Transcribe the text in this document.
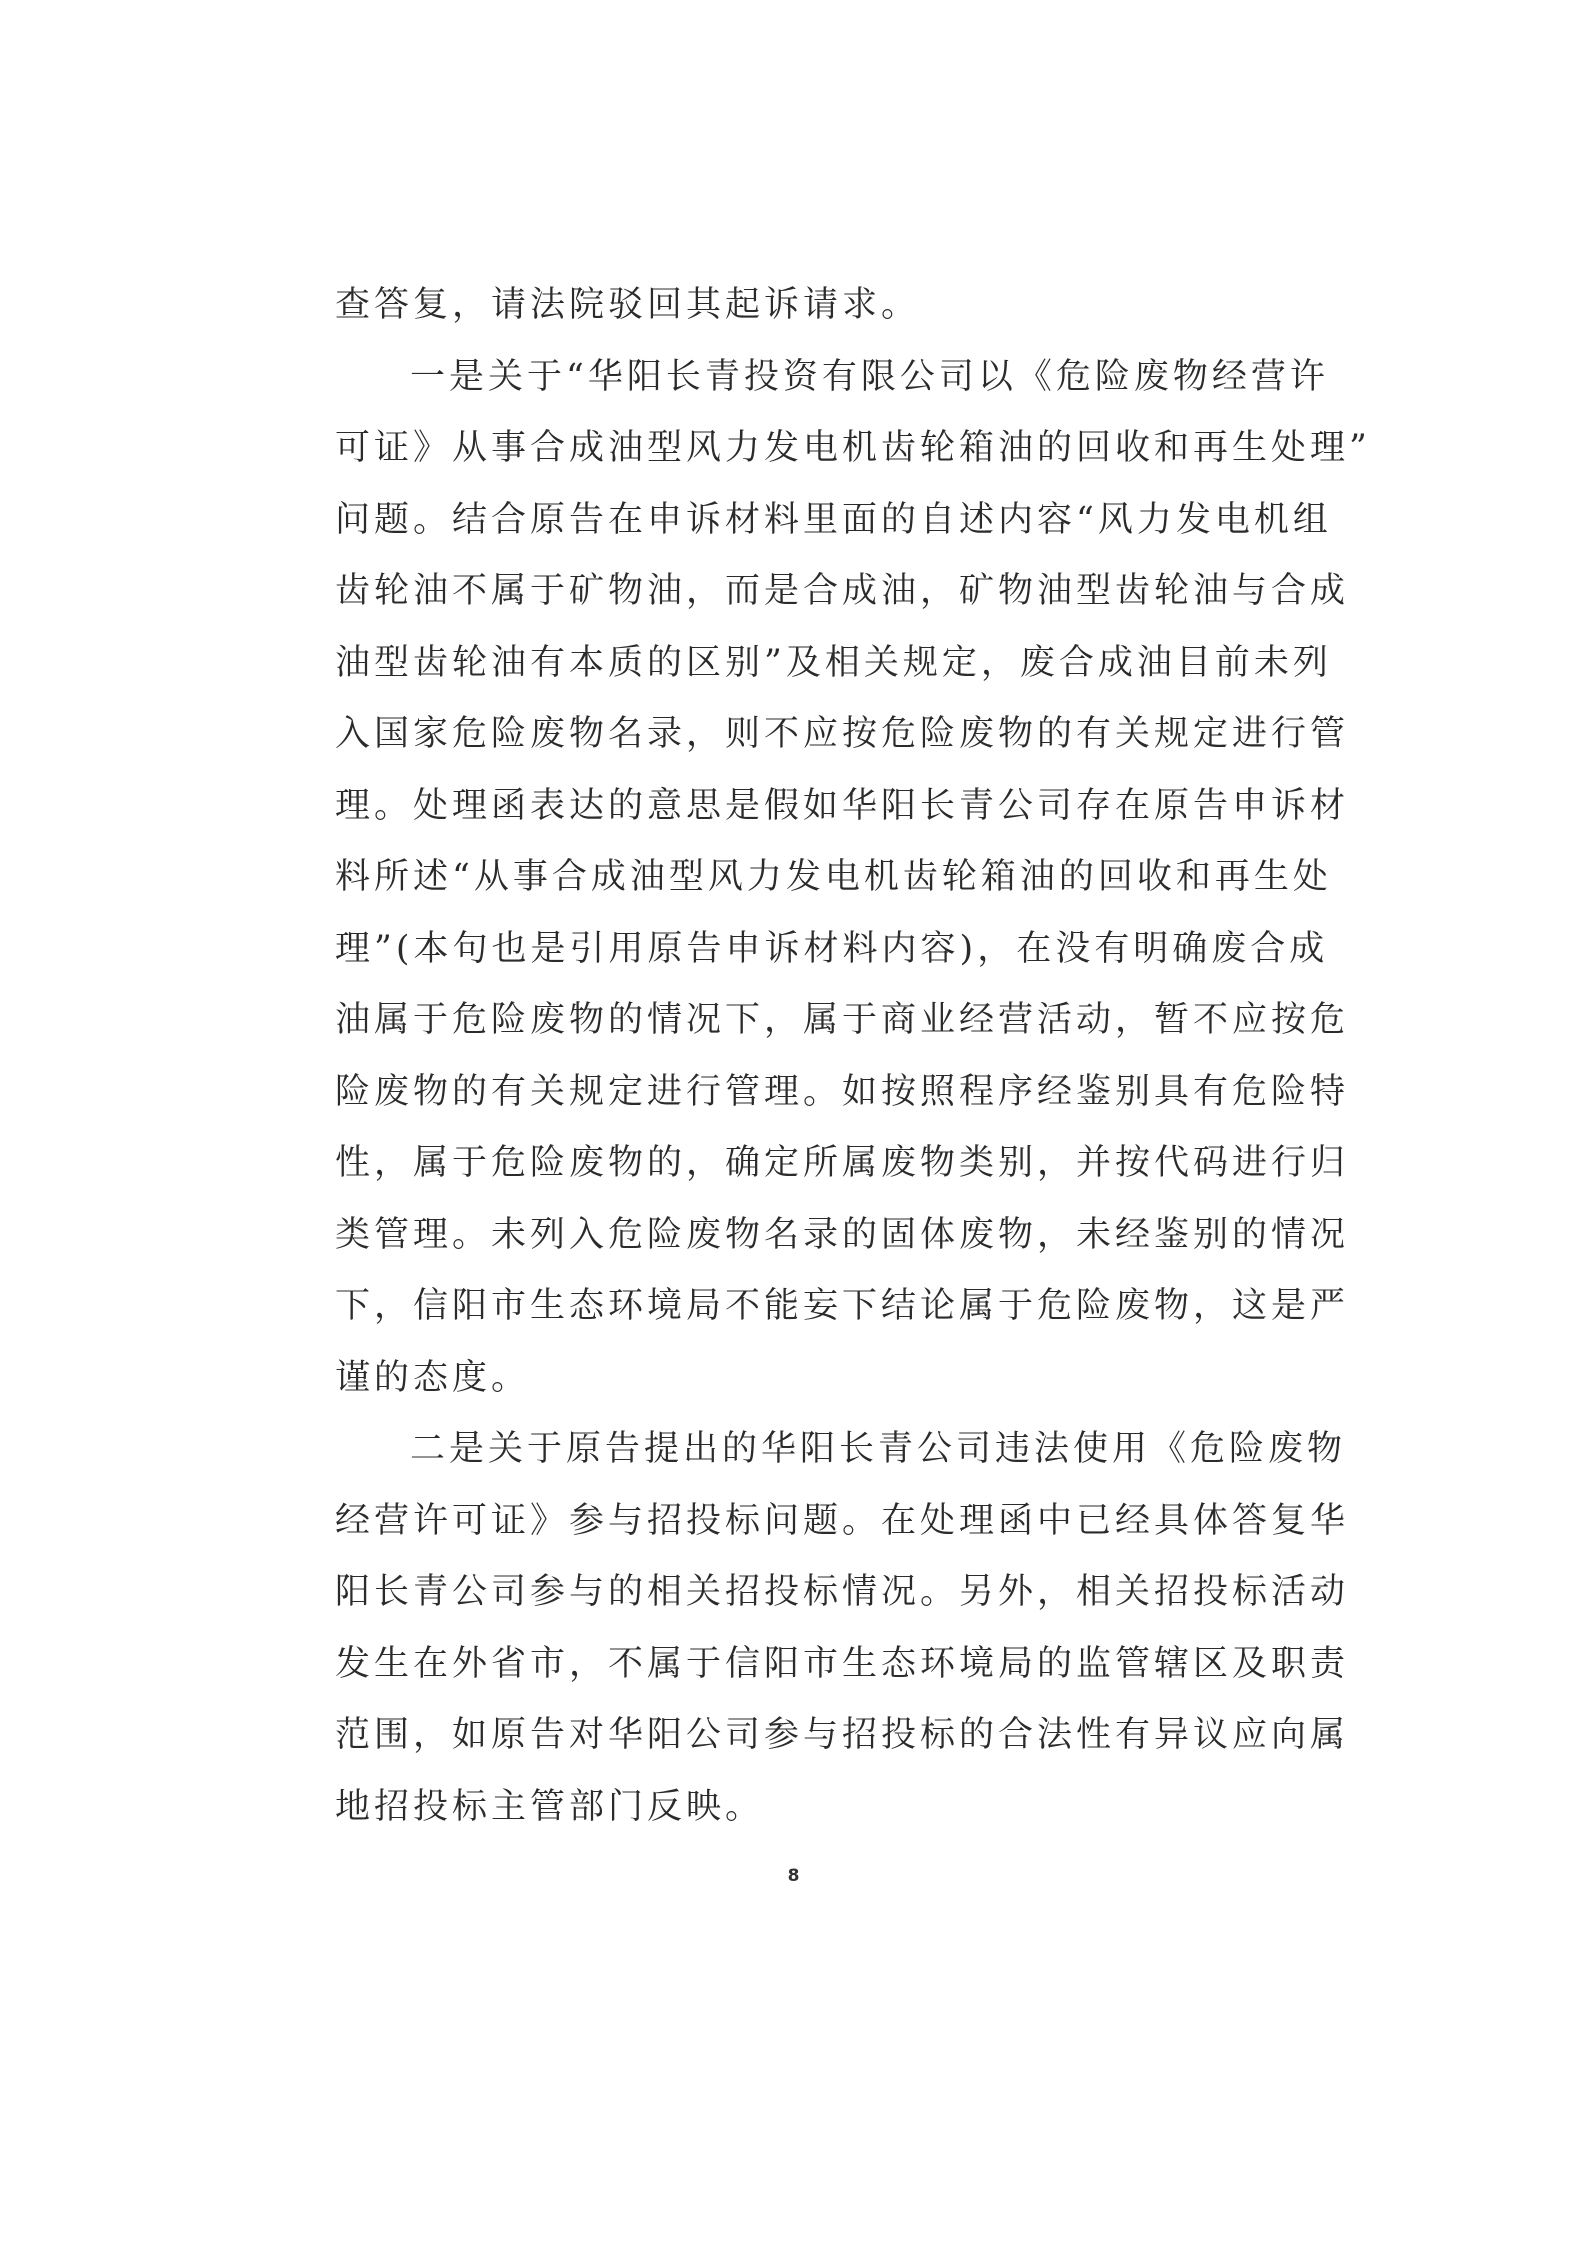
查答复，请法院驳回其起诉请求。
一是关于“华阳长青投资有限公司以《危险废物经营许
可证》从事合成油型风力发电机齿轮箱油的回收和再生处理”
问题。结合原告在申诉材料里面的自述内容“风力发电机组
齿轮油不属于矿物油，而是合成油，矿物油型齿轮油与合成
油型齿轮油有本质的区别”及相关规定，废合成油目前未列
入国家危险废物名录，则不应按危险废物的有关规定进行管
理。处理函表达的意思是假如华阳长青公司存在原告申诉材
料所述“从事合成油型风力发电机齿轮箱油的回收和再生处
理”(本句也是引用原告申诉材料内容)，在没有明确废合成
油属于危险废物的情况下，属于商业经营活动，暂不应按危
险废物的有关规定进行管理。如按照程序经鉴别具有危险特
性，属于危险废物的，确定所属废物类别，并按代码进行归
类管理。未列入危险废物名录的固体废物，未经鉴别的情况
下，信阳市生态环境局不能妄下结论属于危险废物，这是严
谨的态度。
二是关于原告提出的华阳长青公司违法使用《危险废物
经营许可证》参与招投标问题。在处理函中已经具体答复华
阳长青公司参与的相关招投标情况。另外，相关招投标活动
发生在外省市，不属于信阳市生态环境局的监管辖区及职责
范围，如原告对华阳公司参与招投标的合法性有异议应向属
地招投标主管部门反映。
8
